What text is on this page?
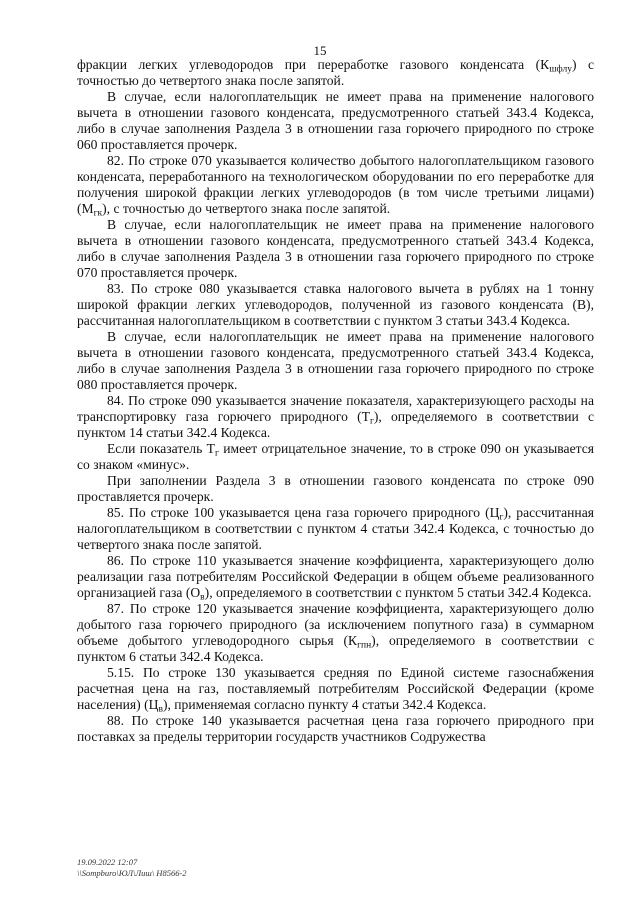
15

фракции легких углеводородов при переработке газового конденсата $(К_{шфлу})$ с точностью до четвертого знака после запятой.

В случае, если налогоплательщик не имеет права на применение налогового вычета в отношении газового конденсата, предусмотренного статьей 343.4 Кодекса, либо в случае заполнения Раздела 3 в отношении газа горючего природного по строке 060 проставляется прочерк.

82. По строке 070 указывается количество добытого налогоплательщиком газового конденсата, переработанного на технологическом оборудовании по его переработке для получения широкой фракции легких углеводородов (в том числе третьими лицами) $(М_{гк})$, с точностью до четвертого знака после запятой.

В случае, если налогоплательщик не имеет права на применение налогового вычета в отношении газового конденсата, предусмотренного статьей 343.4 Кодекса, либо в случае заполнения Раздела 3 в отношении газа горючего природного по строке 070 проставляется прочерк.

83. По строке 080 указывается ставка налогового вычета в рублях на 1 тонну широкой фракции легких углеводородов, полученной из газового конденсата (В), рассчитанная налогоплательщиком в соответствии с пунктом 3 статьи 343.4 Кодекса.

В случае, если налогоплательщик не имеет права на применение налогового вычета в отношении газового конденсата, предусмотренного статьей 343.4 Кодекса, либо в случае заполнения Раздела 3 в отношении газа горючего природного по строке 080 проставляется прочерк.

84. По строке 090 указывается значение показателя, характеризующего расходы на транспортировку газа горючего природного $(Т_г)$, определяемого в соответствии с пунктом 14 статьи 342.4 Кодекса.

Если показатель $Т_г$ имеет отрицательное значение, то в строке 090 он указывается со знаком «минус».

При заполнении Раздела 3 в отношении газового конденсата по строке 090 проставляется прочерк.

85. По строке 100 указывается цена газа горючего природного $(Ц_г)$, рассчитанная налогоплательщиком в соответствии с пунктом 4 статьи 342.4 Кодекса, с точностью до четвертого знака после запятой.

86. По строке 110 указывается значение коэффициента, характеризующего долю реализации газа потребителям Российской Федерации в общем объеме реализованного организацией газа $(О_в)$, определяемого в соответствии с пунктом 5 статьи 342.4 Кодекса.

87. По строке 120 указывается значение коэффициента, характеризующего долю добытого газа горючего природного (за исключением попутного газа) в суммарном объеме добытого углеводородного сырья $(К_{гпн})$, определяемого в соответствии с пунктом 6 статьи 342.4 Кодекса.

5.15. По строке 130 указывается средняя по Единой системе газоснабжения расчетная цена на газ, поставляемый потребителям Российской Федерации (кроме населения) $(Ц_в)$, применяемая согласно пункту 4 статьи 342.4 Кодекса.

88. По строке 140 указывается расчетная цена газа горючего природного при поставках за пределы территории государств участников Содружества

19.09.2022 12:07
\\Sompburo\ЮЛ\Лиш\ Н8566-2
